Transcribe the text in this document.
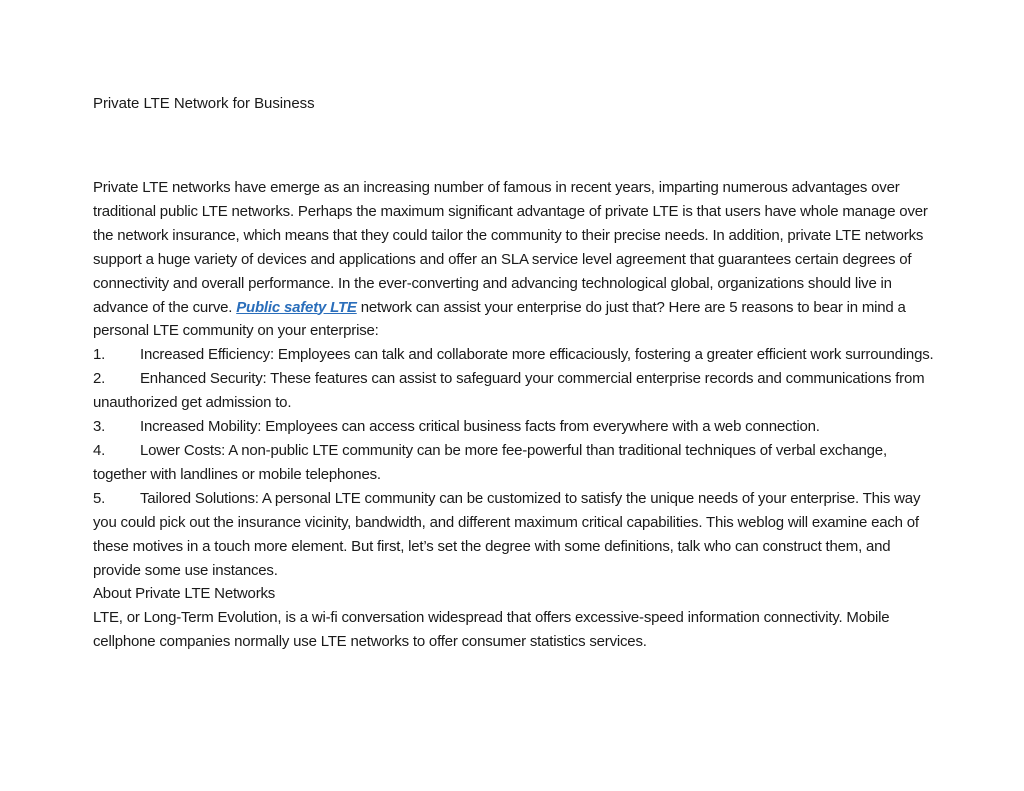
Private LTE Network for Business

Private LTE networks have emerge as an increasing number of famous in recent years, imparting numerous advantages over traditional public LTE networks. Perhaps the maximum significant advantage of private LTE is that users have whole manage over the network insurance, which means that they could tailor the community to their precise needs. In addition, private LTE networks support a huge variety of devices and applications and offer an SLA service level agreement that guarantees certain degrees of connectivity and overall performance. In the ever-converting and advancing technological global, organizations should live in advance of the curve. Public safety LTE network can assist your enterprise do just that? Here are 5 reasons to bear in mind a personal LTE community on your enterprise:

1. Increased Efficiency: Employees can talk and collaborate more efficaciously, fostering a greater efficient work surroundings.

2. Enhanced Security: These features can assist to safeguard your commercial enterprise records and communications from unauthorized get admission to.

3. Increased Mobility: Employees can access critical business facts from everywhere with a web connection.

4. Lower Costs: A non-public LTE community can be more fee-powerful than traditional techniques of verbal exchange, together with landlines or mobile telephones.

5. Tailored Solutions: A personal LTE community can be customized to satisfy the unique needs of your enterprise. This way you could pick out the insurance vicinity, bandwidth, and different maximum critical capabilities. This weblog will examine each of these motives in a touch more element. But first, let’s set the degree with some definitions, talk who can construct them, and provide some use instances.

About Private LTE Networks

LTE, or Long-Term Evolution, is a wi-fi conversation widespread that offers excessive-speed information connectivity. Mobile cellphone companies normally use LTE networks to offer consumer statistics services.
